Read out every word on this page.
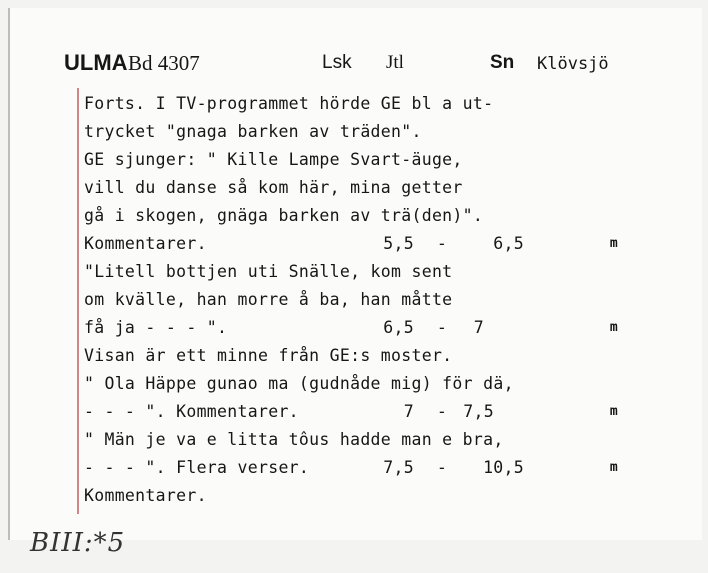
ULMA Bd 4307	Lsk Jtl	Sn Klövsjö
Forts. I TV-programmet hörde GE bl a ut-
trycket "gnaga barken av träden".
GE sjunger: " Kille Lampe Svart-äuge,
vill du danse så kom här, mina getter
gå i skogen, gnäga barken av trä(den)".
Kommentarer.	5,5 -	6,5	m
"Litell bottjen uti Snälle, kom sent
om kvälle, han morre å ba, han måtte
få ja - - - ".	6,5 -	7	m
Visan är ett minne från GE:s moster.
" Ola Häppe gunao ma (gudnåde mig) för dä,
- - - ". Kommentarer.	7 - 7,5	m
" Män je va e litta tôus hadde man e bra,
- - - ". Flera verser.	7,5 -	10,5	m
Kommentarer.
BIII:*5
